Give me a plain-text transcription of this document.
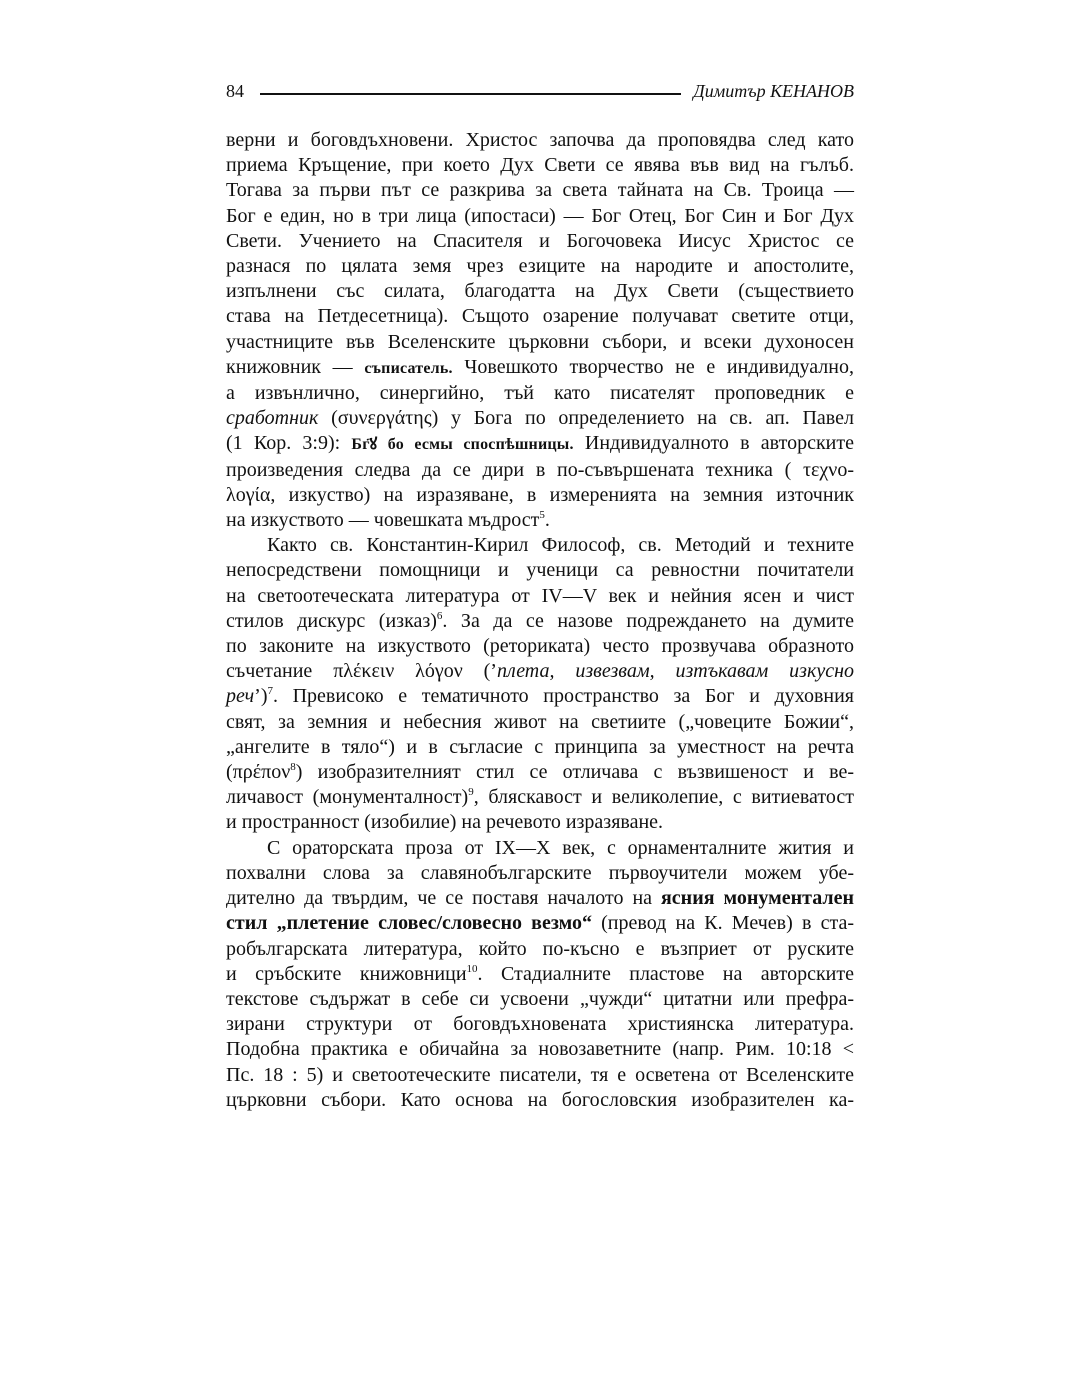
84	Димитър КЕНАНОВ
верни и боговдъхновени. Христос започва да проповядва след като
приема Кръщение, при което Дух Свети се явява във вид на гълъб.
Тогава за първи път се разкрива за света тайната на Св. Троица —
Бог е един, но в три лица (ипостаси) — Бог Отец, Бог Син и Бог Дух
Свети. Учението на Спасителя и Богочовека Иисус Христос се
разнася по цялата земя чрез езиците на народите и апостолите,
изпълнени със силата, благодатта на Дух Свети (съществието
става на Петдесетница). Същото озарение получават светите отци,
участниците във Вселенските църковни събори, и всеки духоносен
книжовник — съписатель. Човешкото творчество не е индивидуално,
а извънлично, синергийно, тъй като писателят проповедник е
сработник (συνεργάτης) у Бога по определението на св. ап. Павел
(1 Кор. 3:9): Бг҃ꙋ бо есмы споспѣшницы. Индивидуалното в авторските
произведения следва да се дири в по-съвършената техника ( τεχνο-
λογία, изкуство) на изразяване, в измеренията на земния източник
на изкуството — човешката мъдрост$^5$.
Както св. Константин-Кирил Философ, св. Методий и техните
непосредствени помощници и ученици са ревностни почитатели
на светоотеческата литература от IV—V век и нейния ясен и чист
стилов дискурс (изказ)$^6$. За да се назове подреждането на думите
по законите на изкуството (реториката) често прозвучава образното
съчетание πλέκειν λόγον (’плета, извезвам, изтъкавам изкусно
реч’)$^7$. Превисоко е тематичното пространство за Бог и духовния
свят, за земния и небесния живот на светиите („човеците Божии“,
„ангелите в тяло“) и в съгласие с принципа за уместност на речта
(πρέπον$^8$) изобразителният стил се отличава с възвишеност и ве-
личавост (монументалност)$^9$, бляскавост и великолепие, с витиеватост
и пространност (изобилие) на речевото изразяване.
С ораторската проза от IX—X век, с орнаменталните жития и
похвални слова за славянобългарските първоучители можем убе-
дително да твърдим, че се поставя началото на ясния монументален
стил „плетение словес/словесно везмо“ (превод на К. Мечев) в ста-
робългарската литература, който по-късно е възприет от руските
и сръбските книжовници$^{10}$. Стадиалните пластове на авторските
текстове съдържат в себе си усвоени „чужди“ цитатни или префра-
зирани структури от боговдъхновената християнска литература.
Подобна практика е обичайна за новозаветните (напр. Рим. 10:18 <
Пс. 18 : 5) и светоотеческите писатели, тя е осветена от Вселенските
църковни събори. Като основа на богословския изобразителен ка-
